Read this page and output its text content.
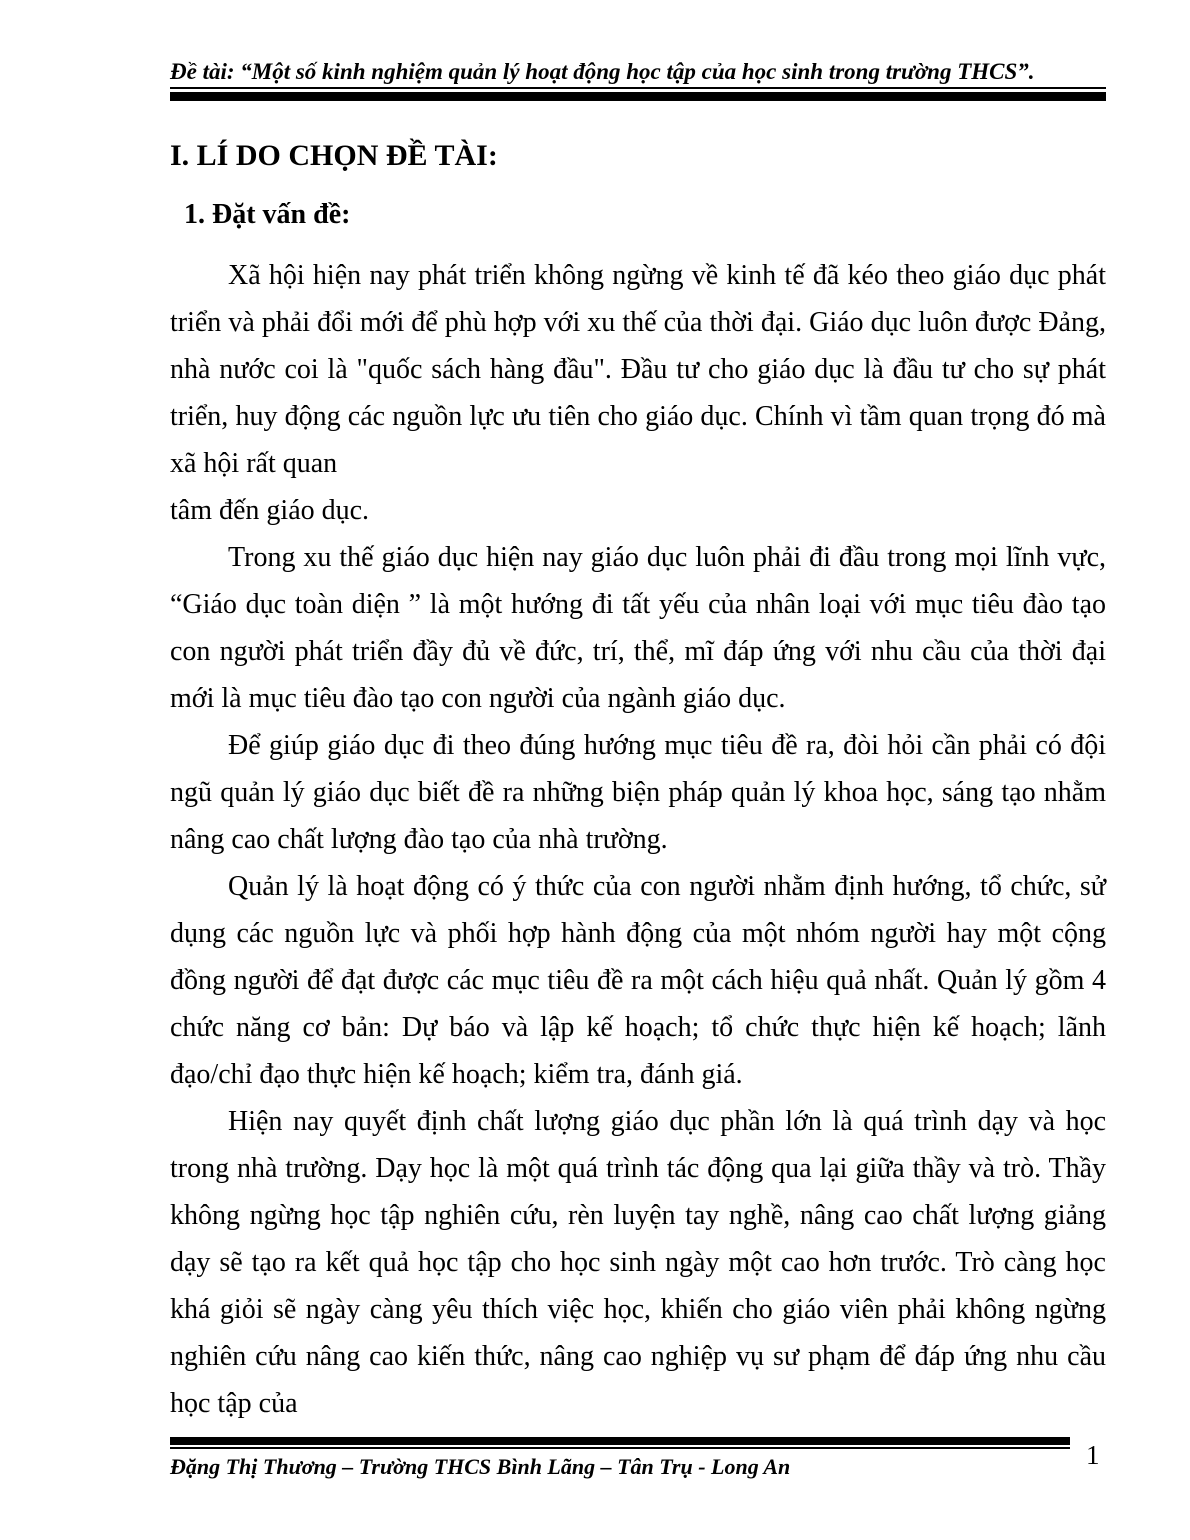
Đề tài: “Một số kinh nghiệm quản lý hoạt động học tập của học sinh trong trường THCS”.
I. LÍ DO CHỌN ĐỀ TÀI:
1. Đặt vấn đề:

Xã hội hiện nay phát triển không ngừng về kinh tế đã kéo theo giáo dục phát triển và phải đổi mới để phù hợp với xu thế của thời đại. Giáo dục luôn được Đảng, nhà nước coi là "quốc sách hàng đầu". Đầu tư cho giáo dục là đầu tư cho sự phát triển, huy động các nguồn lực ưu tiên cho giáo dục. Chính vì tầm quan trọng đó mà xã hội rất quan

tâm đến giáo dục.

Trong xu thế giáo dục hiện nay giáo dục luôn phải đi đầu trong mọi lĩnh vực, “Giáo dục toàn diện ” là một hướng đi tất yếu của nhân loại với mục tiêu đào tạo con người phát triển đầy đủ về đức, trí, thể, mĩ đáp ứng với nhu cầu của thời đại mới là mục tiêu đào tạo con người của ngành giáo dục.

Để giúp giáo dục đi theo đúng hướng mục tiêu đề ra, đòi hỏi cần phải có đội ngũ quản lý giáo dục biết đề ra những biện pháp quản lý khoa học, sáng tạo nhằm nâng cao chất lượng đào tạo của nhà trường.

Quản lý là hoạt động có ý thức của con người nhằm định hướng, tổ chức, sử dụng các nguồn lực và phối hợp hành động của một nhóm người hay một cộng đồng người để đạt được các mục tiêu đề ra một cách hiệu quả nhất. Quản lý gồm 4 chức năng cơ bản: Dự báo và lập kế hoạch; tổ chức thực hiện kế hoạch; lãnh đạo/chỉ đạo thực hiện kế hoạch; kiểm tra, đánh giá.

Hiện nay quyết định chất lượng giáo dục phần lớn là quá trình dạy và học trong nhà trường. Dạy học là một quá trình tác động qua lại giữa thầy và trò. Thầy không ngừng học tập nghiên cứu, rèn luyện tay nghề, nâng cao chất lượng giảng dạy sẽ tạo ra kết quả học tập cho học sinh ngày một cao hơn trước. Trò càng học khá giỏi sẽ ngày càng yêu thích việc học, khiến cho giáo viên phải không ngừng nghiên cứu nâng cao kiến thức, nâng cao nghiệp vụ sư phạm để đáp ứng nhu cầu học tập của

Đặng Thị Thương – Trường THCS Bình Lãng – Tân Trụ - Long An	1
